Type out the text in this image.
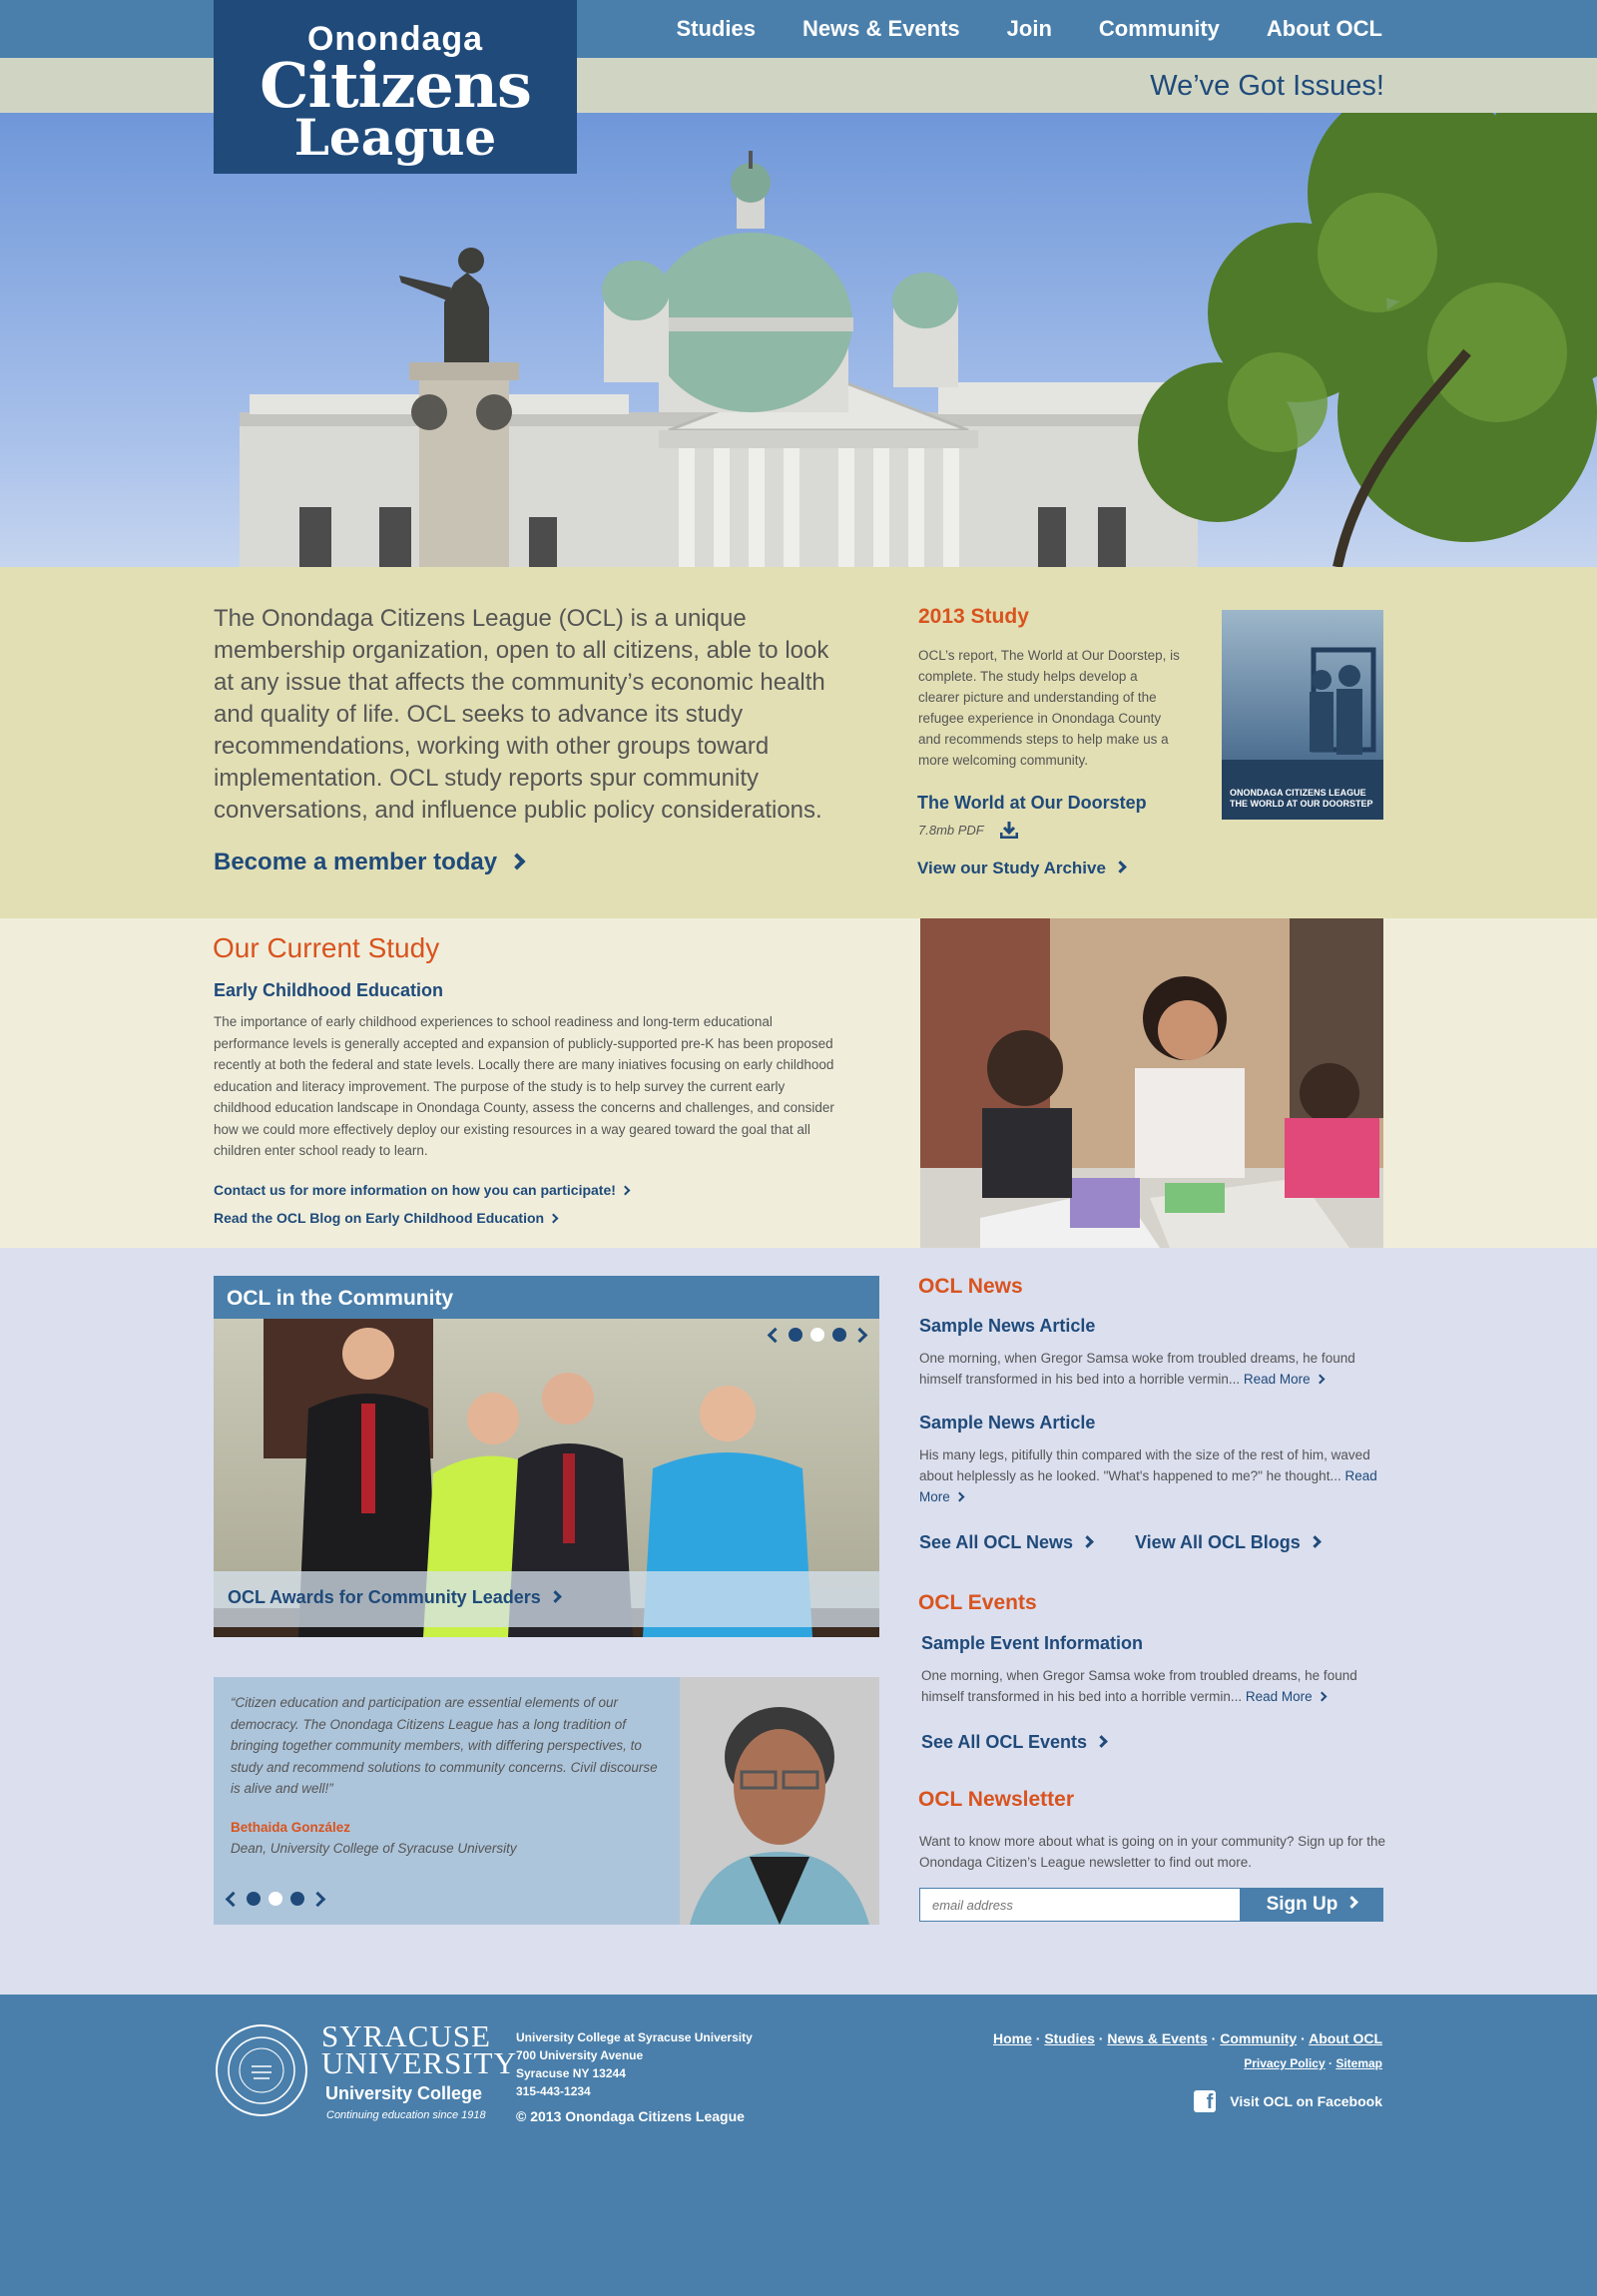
Studies News & Events Join Community About OCL
We’ve Got Issues!
Onondaga
Citizens
League

The Onondaga Citizens League (OCL) is a unique membership organization, open to all citizens, able to look at any issue that affects the community’s economic health and quality of life. OCL seeks to advance its study recommendations, working with other groups toward implementation. OCL study reports spur community conversations, and influence public policy considerations.

Become a member today
2013 Study

OCL’s report, The World at Our Doorstep, is complete. The study helps develop a clearer picture and understanding of the refugee experience in Onondaga County and recommends steps to help make us a more welcoming community.

The World at Our Doorstep
7.8mb PDF
View our Study Archive
ONONDAGA CITIZENS LEAGUE
THE WORLD AT OUR DOORSTEP
Our Current Study
Early Childhood Education

The importance of early childhood experiences to school readiness and long-term educational performance levels is generally accepted and expansion of publicly-supported pre-K has been proposed recently at both the federal and state levels. Locally there are many iniatives focusing on early childhood education and literacy improvement. The purpose of the study is to help survey the current early childhood education landscape in Onondaga County, assess the concerns and challenges, and consider how we could more effectively deploy our existing resources in a way geared toward the goal that all children enter school ready to learn.

Contact us for more information on how you can participate!
Read the OCL Blog on Early Childhood Education
OCL in the Community
OCL Awards for Community Leaders

“Citizen education and participation are essential elements of our democracy. The Onondaga Citizens League has a long tradition of bringing together community members, with differing perspectives, to study and recommend solutions to community concerns. Civil discourse is alive and well!”

Bethaida González
Dean, University College of Syracuse University
OCL News
Sample News Article

One morning, when Gregor Samsa woke from troubled dreams, he found himself transformed in his bed into a horrible vermin... Read More

Sample News Article

His many legs, pitifully thin compared with the size of the rest of him, waved about helplessly as he looked. "What's happened to me?" he thought... Read More

See All OCL News	View All OCL Blogs
OCL Events
Sample Event Information

One morning, when Gregor Samsa woke from troubled dreams, he found himself transformed in his bed into a horrible vermin... Read More

See All OCL Events
OCL Newsletter

Want to know more about what is going on in your community? Sign up for the Onondaga Citizen’s League newsletter to find out more.

email address
Sign Up
SYRACUSE
UNIVERSITY
University College
Continuing education since 1918
University College at Syracuse University
700 University Avenue
Syracuse NY 13244
315-443-1234
© 2013 Onondaga Citizens League
Home · Studies · News & Events · Community · About OCL
Privacy Policy · Sitemap
f Visit OCL on Facebook
